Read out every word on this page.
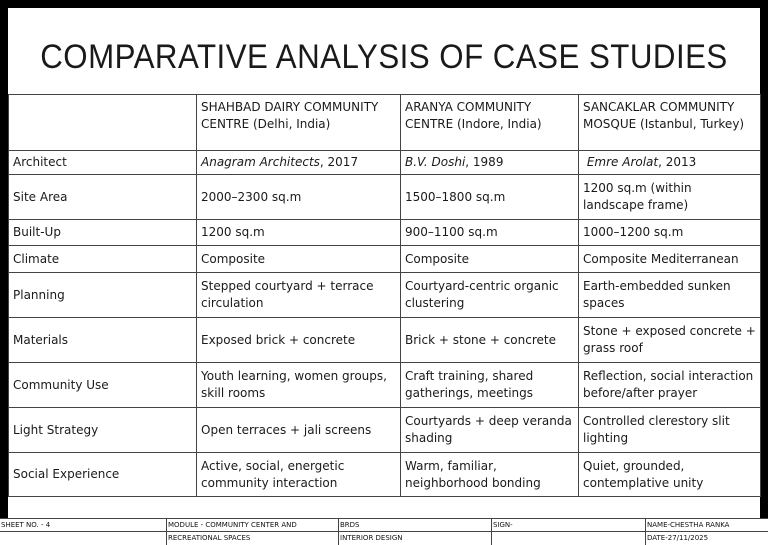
COMPARATIVE ANALYSIS OF CASE STUDIES
	SHAHBAD DAIRY COMMUNITY CENTRE (Delhi, India)	ARANYA COMMUNITY CENTRE (Indore, India)	SANCAKLAR COMMUNITY MOSQUE (Istanbul, Turkey)
Architect	Anagram Architects, 2017	B.V. Doshi, 1989	Emre Arolat, 2013
Site Area	2000–2300 sq.m	1500–1800 sq.m	1200 sq.m (within landscape frame)
Built-Up	1200 sq.m	900–1100 sq.m	1000–1200 sq.m
Climate	Composite	Composite	Composite Mediterranean
Planning	Stepped courtyard + terrace circulation	Courtyard-centric organic clustering	Earth-embedded sunken spaces
Materials	Exposed brick + concrete	Brick + stone + concrete	Stone + exposed concrete + grass roof
Community Use	Youth learning, women groups, skill rooms	Craft training, shared gatherings, meetings	Reflection, social interaction before/after prayer
Light Strategy	Open terraces + jali screens	Courtyards + deep veranda shading	Controlled clerestory slit lighting
Social Experience	Active, social, energetic community interaction	Warm, familiar, neighborhood bonding	Quiet, grounded, contemplative unity
SHEET NO. - 4	MODULE - COMMUNITY CENTER AND
RECREATIONAL SPACES
BRDS
INTERIOR DESIGN
SIGN-	NAME-CHESTHA RANKA
DATE-27/11/2025
